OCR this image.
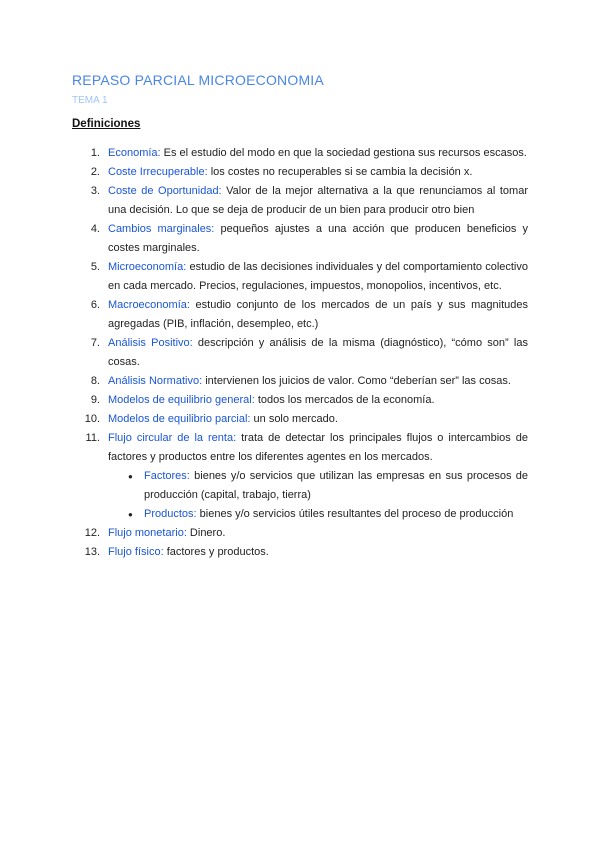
REPASO PARCIAL MICROECONOMIA
TEMA 1
Definiciones
1. Economía: Es el estudio del modo en que la sociedad gestiona sus recursos escasos.
2. Coste Irrecuperable: los costes no recuperables si se cambia la decisión x.
3. Coste de Oportunidad: Valor de la mejor alternativa a la que renunciamos al tomar una decisión. Lo que se deja de producir de un bien para producir otro bien
4. Cambios marginales: pequeños ajustes a una acción que producen beneficios y costes marginales.
5. Microeconomía: estudio de las decisiones individuales y del comportamiento colectivo en cada mercado. Precios, regulaciones, impuestos, monopolios, incentivos, etc.
6. Macroeconomía: estudio conjunto de los mercados de un país y sus magnitudes agregadas (PIB, inflación, desempleo, etc.)
7. Análisis Positivo: descripción y análisis de la misma (diagnóstico), “cómo son” las cosas.
8. Análisis Normativo: intervienen los juicios de valor. Como “deberían ser” las cosas.
9. Modelos de equilibrio general: todos los mercados de la economía.
10. Modelos de equilibrio parcial: un solo mercado.
11. Flujo circular de la renta: trata de detectar los principales flujos o intercambios de factores y productos entre los diferentes agentes en los mercados.
● Factores: bienes y/o servicios que utilizan las empresas en sus procesos de producción (capital, trabajo, tierra)
● Productos: bienes y/o servicios útiles resultantes del proceso de producción
12. Flujo monetario: Dinero.
13. Flujo físico: factores y productos.
